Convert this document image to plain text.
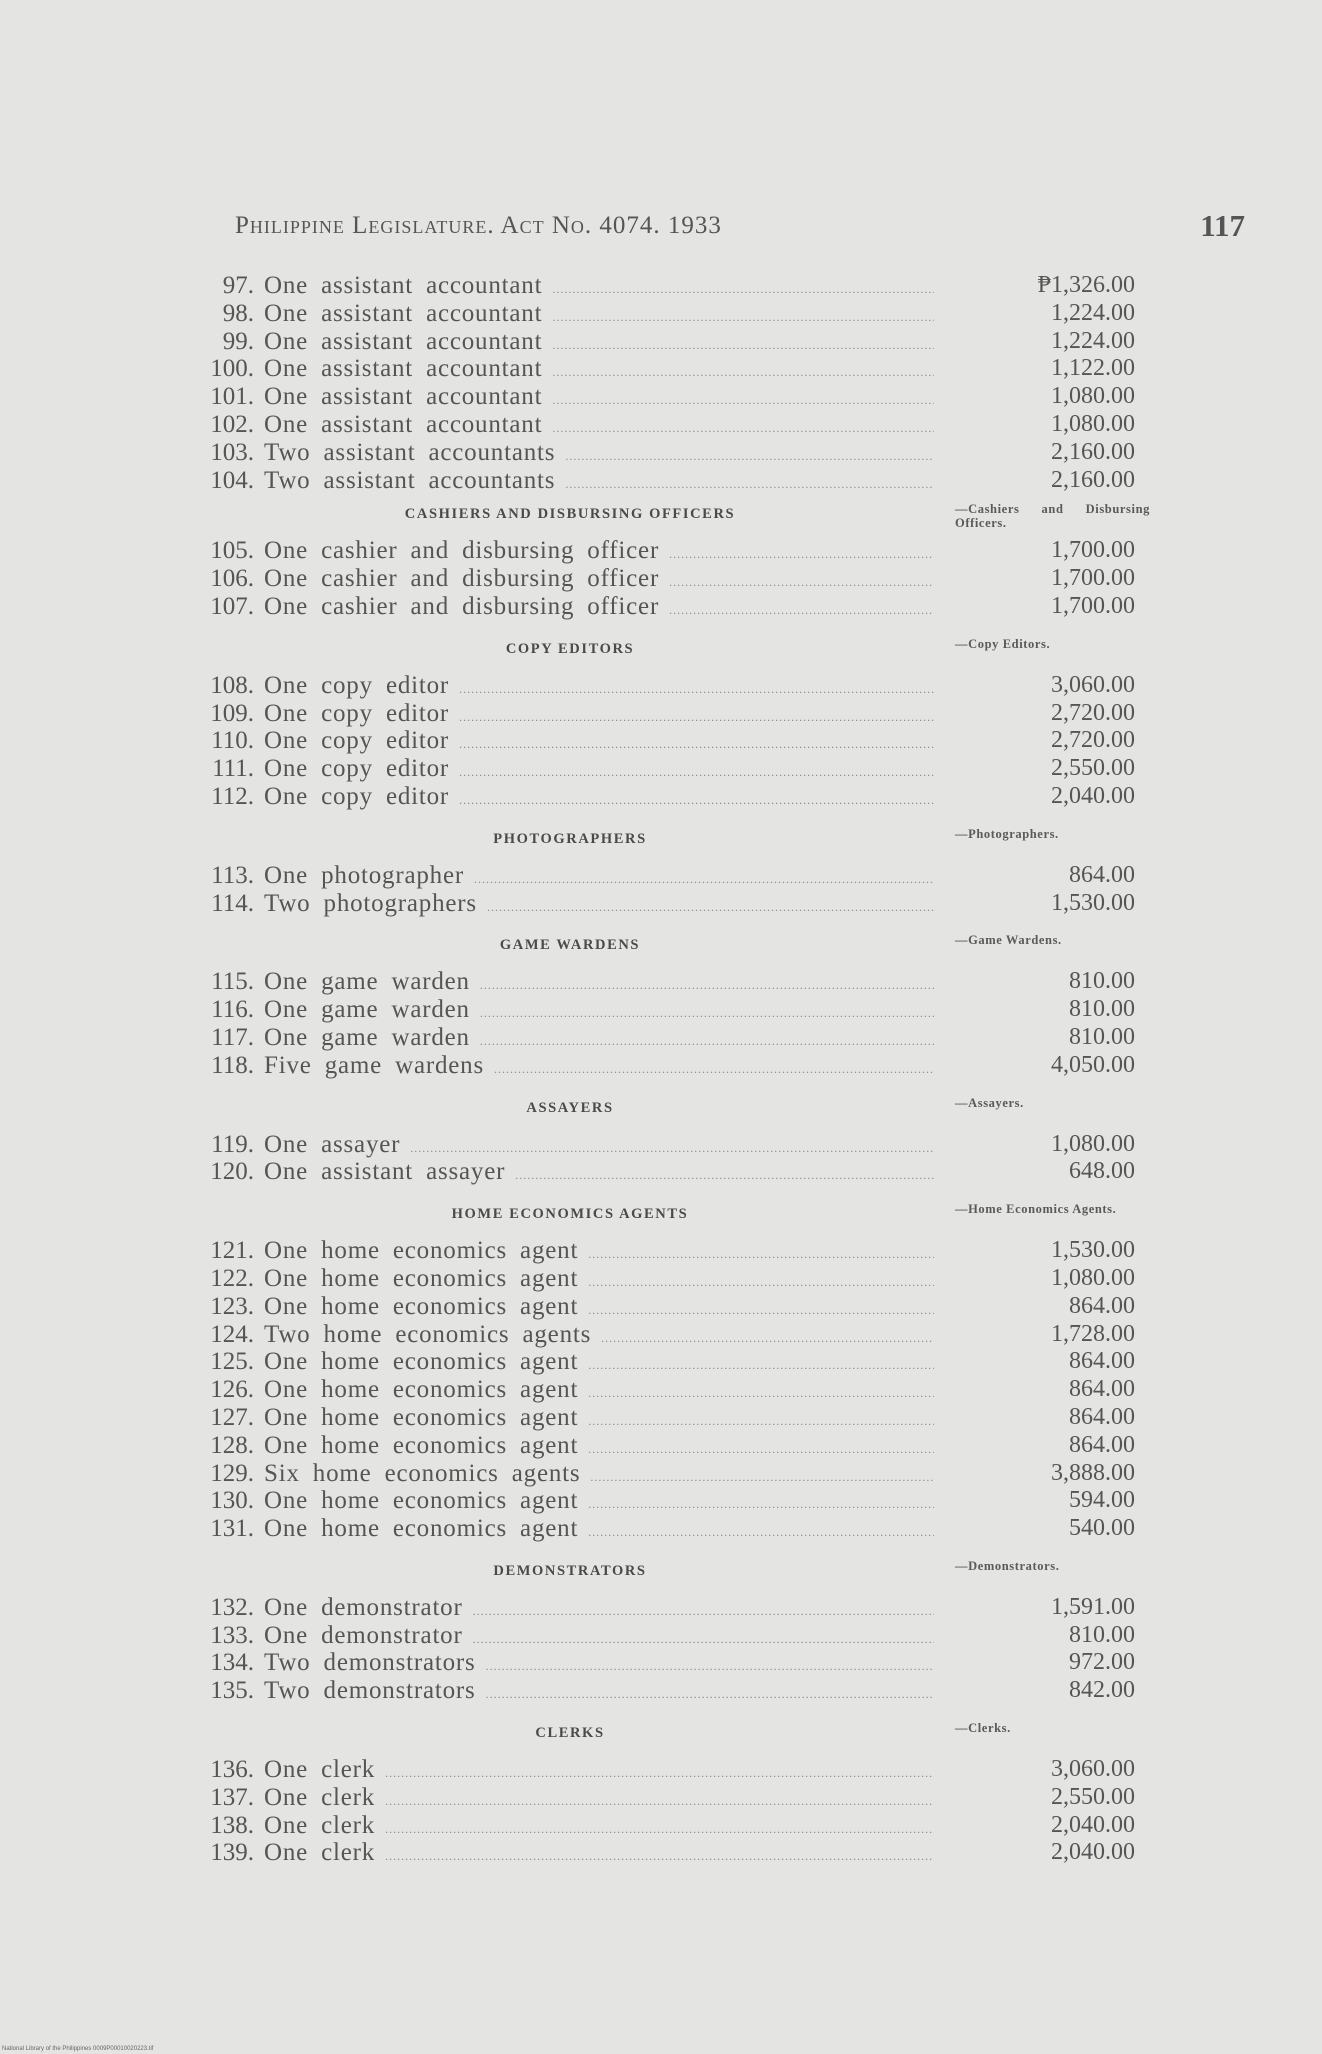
Philippine Legislature. Act No. 4074. 1933	117
97. One assistant accountant .....	₱1,326.00
98. One assistant accountant .....	1,224.00
99. One assistant accountant .....	1,224.00
100. One assistant accountant .....	1,122.00
101. One assistant accountant .....	1,080.00
102. One assistant accountant .....	1,080.00
103. Two assistant accountants .....	2,160.00
104. Two assistant accountants .....	2,160.00
CASHIERS AND DISBURSING OFFICERS	—Cashiers and Disbursing Officers.
105. One cashier and disbursing officer .....	1,700.00
106. One cashier and disbursing officer .....	1,700.00
107. One cashier and disbursing officer .....	1,700.00
COPY EDITORS	—Copy Editors.
108. One copy editor .....	3,060.00
109. One copy editor .....	2,720.00
110. One copy editor .....	2,720.00
111. One copy editor .....	2,550.00
112. One copy editor .....	2,040.00
PHOTOGRAPHERS	—Photographers.
113. One photographer .....	864.00
114. Two photographers .....	1,530.00
GAME WARDENS	—Game Wardens.
115. One game warden .....	810.00
116. One game warden .....	810.00
117. One game warden .....	810.00
118. Five game wardens .....	4,050.00
ASSAYERS	—Assayers.
119. One assayer .....	1,080.00
120. One assistant assayer .....	648.00
HOME ECONOMICS AGENTS	—Home Economics Agents.
121. One home economics agent .....	1,530.00
122. One home economics agent .....	1,080.00
123. One home economics agent .....	864.00
124. Two home economics agents .....	1,728.00
125. One home economics agent .....	864.00
126. One home economics agent .....	864.00
127. One home economics agent .....	864.00
128. One home economics agent .....	864.00
129. Six home economics agents .....	3,888.00
130. One home economics agent .....	594.00
131. One home economics agent .....	540.00
DEMONSTRATORS	—Demonstrators.
132. One demonstrator .....	1,591.00
133. One demonstrator .....	810.00
134. Two demonstrators .....	972.00
135. Two demonstrators .....	842.00
CLERKS	—Clerks.
136. One clerk .....	3,060.00
137. One clerk .....	2,550.00
138. One clerk .....	2,040.00
139. One clerk .....	2,040.00
National Library of the Philippines 0009P00010020223.tif
